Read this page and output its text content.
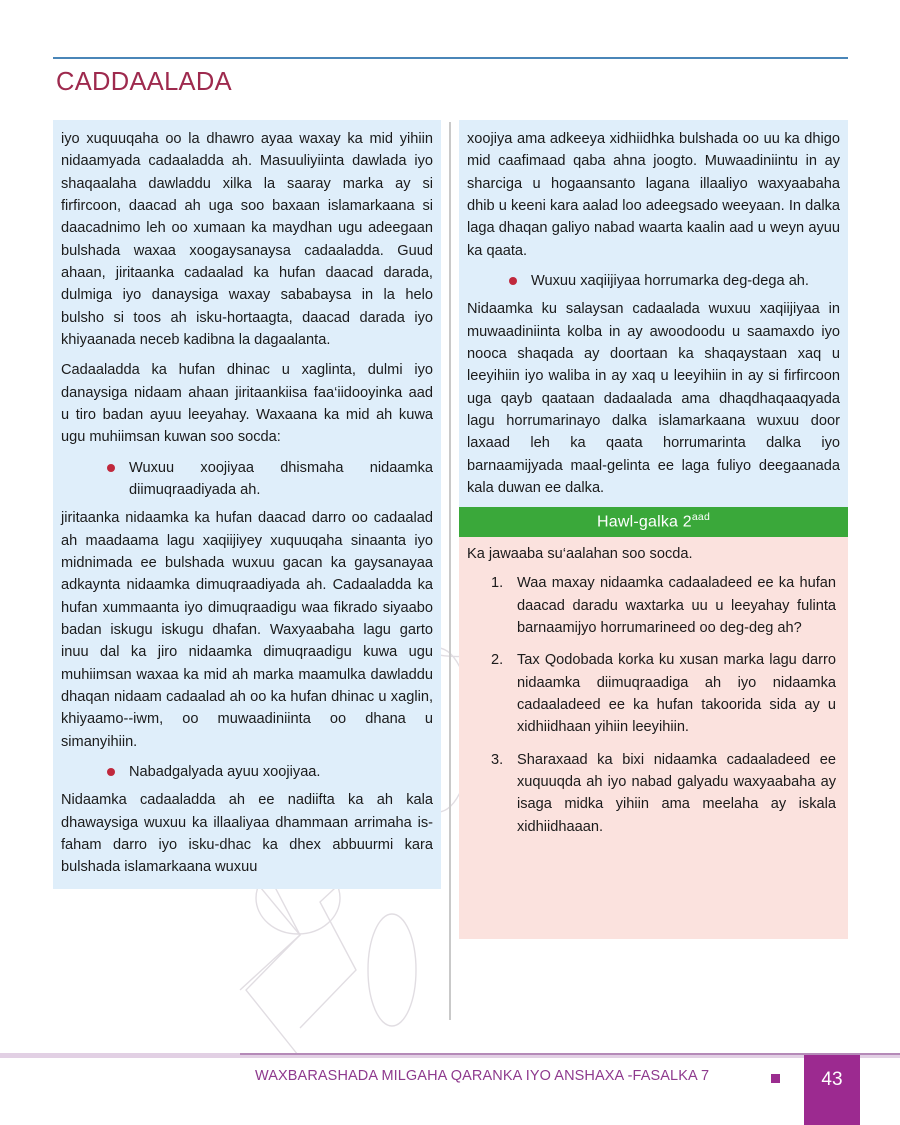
CADDAALADA

iyo xuquuqaha oo la dhawro ayaa waxay ka mid yihiin nidaamyada cadaaladda ah. Masuuliyiinta dawlada iyo shaqaalaha dawladdu xilka la saaray marka ay si firfircoon, daacad ah uga soo baxaan islamarkaana si daacadnimo leh oo xumaan ka maydhan ugu adeegaan bulshada waxaa xoogaysanaysa cadaaladda. Guud ahaan, jiritaanka cadaalad ka hufan daacad darada, dulmiga iyo danaysiga waxay sababaysa in la helo bulsho si toos ah isku-hortaagta, daacad darada iyo khiyaanada neceb kadibna la dagaalanta.

Cadaaladda ka hufan dhinac u xaglinta, dulmi iyo danaysiga nidaam ahaan jiritaankiisa faa‘iidooyinka aad u tiro badan ayuu leeyahay. Waxaana ka mid ah kuwa ugu muhiimsan kuwan soo socda:

Wuxuu xoojiyaa dhismaha nidaamka diimuqraadiyada ah.

jiritaanka nidaamka ka hufan daacad darro oo cadaalad ah maadaama lagu xaqiijiyey xuquuqaha sinaanta iyo midnimada ee bulshada wuxuu gacan ka gaysanayaa adkaynta nidaamka dimuqraadiyada ah. Cadaaladda ka hufan xummaanta iyo dimuqraadigu waa fikrado siyaabo badan iskugu iskugu dhafan. Waxyaabaha lagu garto inuu dal ka jiro nidaamka dimuqraadigu kuwa ugu muhiimsan waxaa ka mid ah marka maamulka dawladdu dhaqan nidaam cadaalad ah oo ka hufan dhinac u xaglin, khiyaamo--iwm, oo muwaadiniinta oo dhana u simanyihiin.

Nabadgalyada ayuu xoojiyaa.

Nidaamka cadaaladda ah ee nadiifta ka ah kala dhawaysiga wuxuu ka illaaliyaa dhammaan arrimaha is-faham darro iyo isku-dhac ka dhex abbuurmi kara bulshada islamarkaana wuxuu

xoojiya ama adkeeya xidhiidhka bulshada oo uu ka dhigo mid caafimaad qaba ahna joogto. Muwaadiniintu in ay sharciga u hogaansanto lagana illaaliyo waxyaabaha dhib u keeni kara aalad loo adeegsado weeyaan. In dalka laga dhaqan galiyo nabad waarta kaalin aad u weyn ayuu ka qaata.

Wuxuu xaqiijiyaa horrumarka deg-dega ah.

Nidaamka ku salaysan cadaalada wuxuu xaqiijiyaa in muwaadiniinta kolba in ay awoodoodu u saamaxdo iyo nooca shaqada ay doortaan ka shaqaystaan xaq u leeyihiin iyo waliba in ay xaq u leeyihiin in ay si firfircoon uga qayb qaataan dadaalada ama dhaqdhaqaaqyada lagu horrumarinayo dalka islamarkaana wuxuu door laxaad leh ka qaata horrumarinta dalka iyo barnaamijyada maal-gelinta ee laga fuliyo deegaanada kala duwan ee dalka.

Hawl-galka $2^{aad}$

Ka jawaaba su‘aalahan soo socda.

Waa maxay nidaamka cadaaladeed ee ka hufan daacad daradu waxtarka uu u leeyahay fulinta barnaamijyo horrumarineed oo deg-deg ah?
Tax Qodobada korka ku xusan marka lagu darro nidaamka diimuqraadiga ah iyo nidaamka cadaaladeed ee ka hufan takoorida sida ay u xidhiidhaan yihiin leeyihiin.
Sharaxaad ka bixi nidaamka cadaaladeed ee xuquuqda ah iyo nabad galyadu waxyaabaha ay isaga midka yihiin ama meelaha ay iskala xidhiidhaaan.
WAXBARASHADA MILGAHA QARANKA IYO ANSHAXA -FASALKA 7	43
